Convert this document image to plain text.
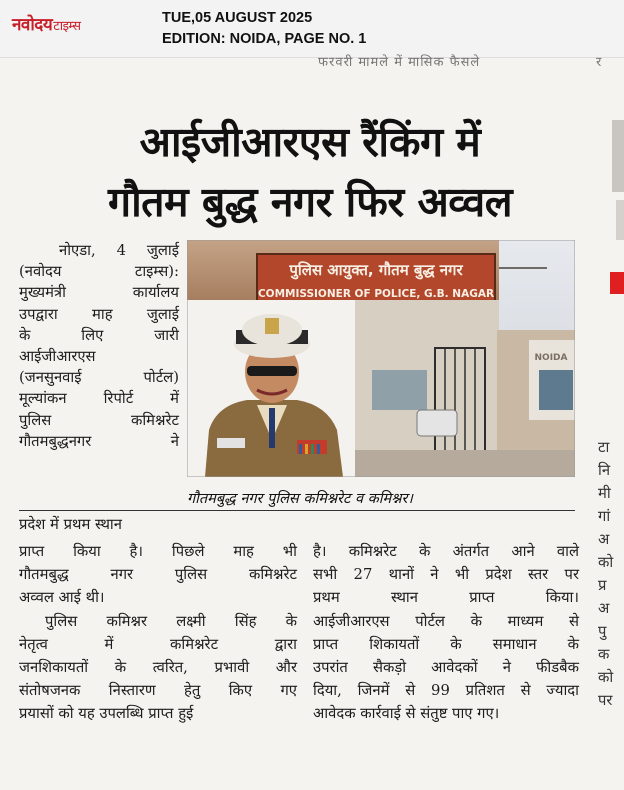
नवोदयटाइम्स
TUE,05 AUGUST 2025
EDITION: NOIDA, PAGE NO. 1
फरवरी मामले में मासिक फैसले	र
आईजीआरएस रैंकिंग में
गौतम बुद्ध नगर फिर अव्वल

नोएडा, 4 जुलाई

(नवोदय टाइम्स):

मुख्यमंत्री कार्यालय

उपद्वारा माह जुलाई

के लिए जारी

आईजीआरएस

(जनसुनवाई पोर्टल)

मूल्यांकन रिपोर्ट में

पुलिस कमिश्नरेट

गौतमबुद्धनगर ने

पुलिस आयुक्त, गौतम बुद्ध नगर
COMMISSIONER OF POLICE, G.B. NAGAR
NOIDA
गौतमबुद्ध नगर पुलिस कमिश्नरेट व कमिश्नर।
प्रदेश में प्रथम स्थान
प्राप्त किया है। पिछले माह भी
गौतमबुद्ध नगर पुलिस कमिश्नरेट
अव्वल आई थी।
पुलिस कमिश्नर लक्ष्मी सिंह के
नेतृत्व में कमिश्नरेट द्वारा
जनशिकायतों के त्वरित, प्रभावी और
संतोषजनक निस्तारण हेतु किए गए
प्रयासों को यह उपलब्धि प्राप्त हुई
है। कमिश्नरेट के अंतर्गत आने वाले
सभी 27 थानों ने भी प्रदेश स्तर पर
प्रथम स्थान प्राप्त किया।
आईजीआरएस पोर्टल के माध्यम से
प्राप्त शिकायतों के समाधान के
उपरांत सैकड़ो आवेदकों ने फीडबैक
दिया, जिनमें से 99 प्रतिशत से ज्यादा
आवेदक कार्रवाई से संतुष्ट पाए गए।
टा
नि
मी
गां
अ
को
प्र
अ
पु
क
को
पर
